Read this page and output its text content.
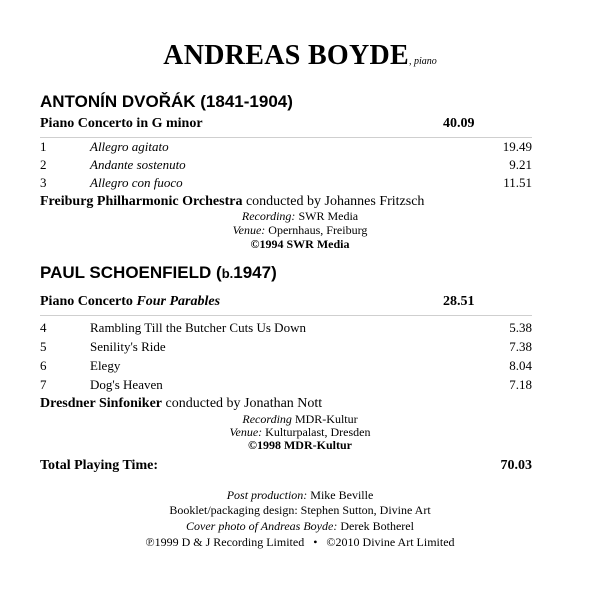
ANDREAS BOYDE, piano
ANTONÍN DVOŘÁK (1841-1904)
Piano Concerto in G minor	40.09
1	Allegro agitato	19.49
2	Andante sostenuto	9.21
3	Allegro con fuoco	11.51
Freiburg Philharmonic Orchestra conducted by Johannes Fritzsch
Recording: SWR Media
Venue: Opernhaus, Freiburg
©1994 SWR Media
PAUL SCHOENFIELD (b.1947)
Piano Concerto Four Parables	28.51
4	Rambling Till the Butcher Cuts Us Down	5.38
5	Senility's Ride	7.38
6	Elegy	8.04
7	Dog's Heaven	7.18
Dresdner Sinfoniker conducted by Jonathan Nott
Recording MDR-Kultur
Venue: Kulturpalast, Dresden
©1998 MDR-Kultur
Total Playing Time:	70.03
Post production: Mike Beville
Booklet/packaging design: Stephen Sutton, Divine Art
Cover photo of Andreas Boyde: Derek Botherel
℗1999 D & J Recording Limited • ©2010 Divine Art Limited
